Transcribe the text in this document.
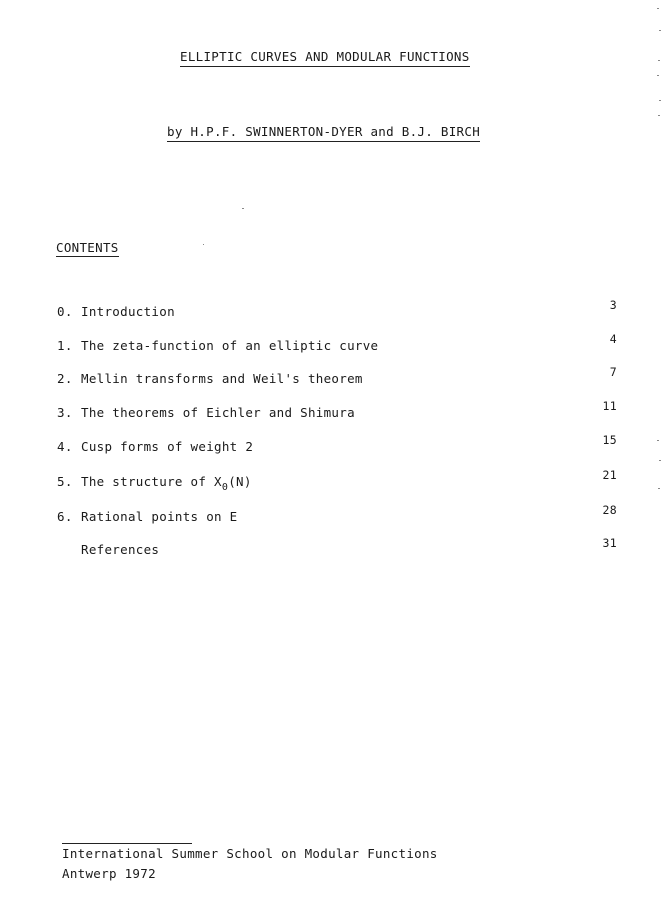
ELLIPTIC CURVES AND MODULAR FUNCTIONS
by H.P.F. SWINNERTON-DYER and B.J. BIRCH
CONTENTS
0. Introduction	3
1. The zeta-function of an elliptic curve	4
2. Mellin transforms and Weil's theorem	7
3. The theorems of Eichler and Shimura	11
4. Cusp forms of weight 2	15
5. The structure of $X_0(N)$	21
6. Rational points on E	28
References	31
International Summer School on Modular Functions
Antwerp 1972
